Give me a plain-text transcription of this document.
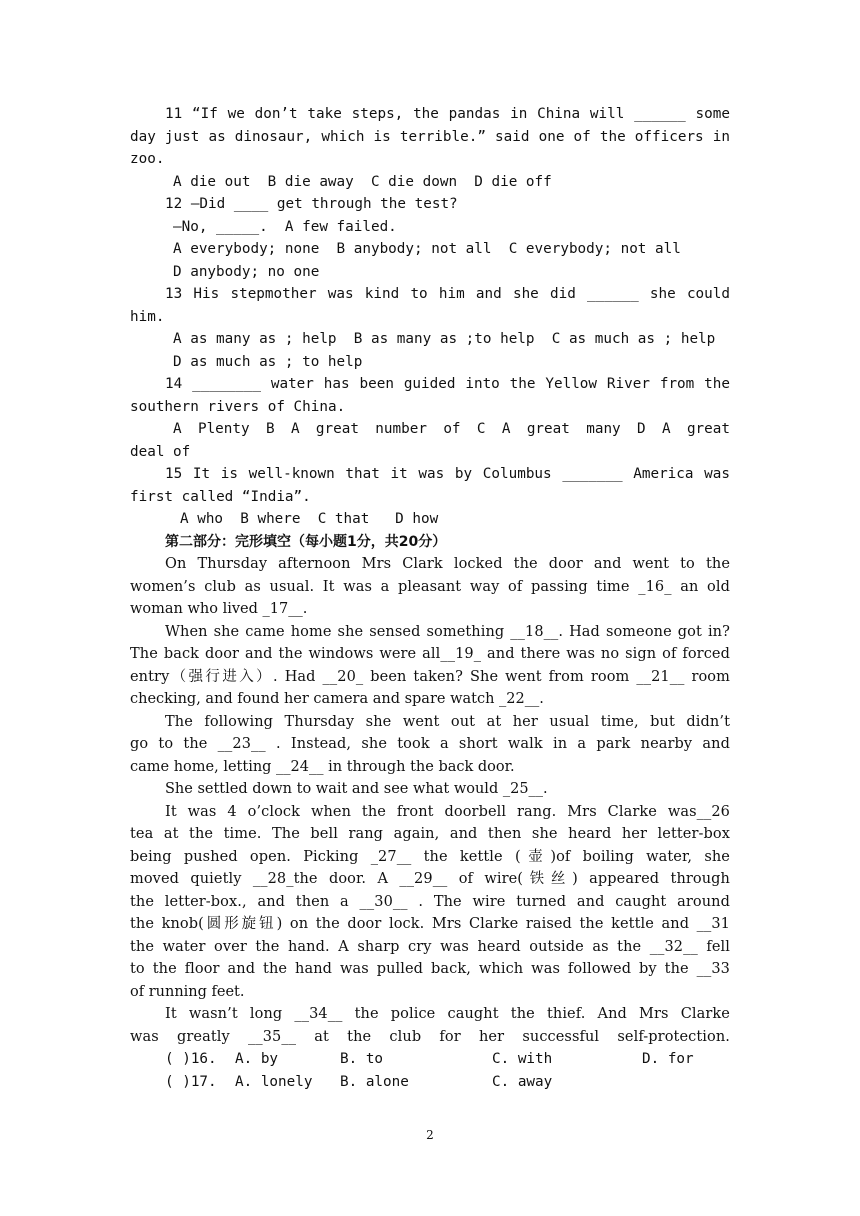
11 “If we don’t take steps, the pandas in China will ______ some
day just as dinosaur, which is terrible.” said one of the officers in
zoo.
A die out  B die away  C die down  D die off
12 —Did ____ get through the test?
—No, _____.  A few failed.
A everybody; none  B anybody; not all  C everybody; not all
D anybody; no one
13 His stepmother was kind to him and she did ______ she could
him.
A as many as ; help  B as many as ;to help  C as much as ; help
D as much as ; to help
14 ________ water has been guided into the Yellow River from the
southern rivers of China.
A Plenty B A great number of C A great many D A great
deal of
15 It is well-known that it was by Columbus _______ America was
first called “India”.
A who  B where  C that   D how
第二部分：完形填空（每小题1分，共20分）
On Thursday afternoon Mrs Clark locked the door and went to the
women’s club as usual. It was a pleasant way of passing time _16_ an old
woman who lived _17__.
When she came home she sensed something __18__. Had someone got in?
The back door and the windows were all__19_ and there was no sign of forced
entry（强行进入）. Had __20_ been taken? She went from room __21__ room
checking, and found her camera and spare watch _22__.
The following Thursday she went out at her usual time, but didn’t
go to the __23__ . Instead, she took a short walk in a park nearby and
came home, letting __24__ in through the back door.
She settled down to wait and see what would _25__.
It was 4 o’clock when the front doorbell rang. Mrs Clarke was__26
tea at the time. The bell rang again, and then she heard her letter-box
being pushed open. Picking _27__ the kettle (壶)of boiling water, she
moved quietly __28_the door. A __29__ of wire(铁丝) appeared through
the letter-box., and then a __30__ . The wire turned and caught around
the knob(圆形旋钮) on the door lock. Mrs Clarke raised the kettle and __31
the water over the hand. A sharp cry was heard outside as the __32__ fell
to the floor and the hand was pulled back, which was followed by the __33
of running feet.
It wasn’t long __34__ the police caught the thief. And Mrs Clarke
was greatly __35__ at the club for her successful self-protection.
( )16.	A. by	B. to	C. with	D. for
( )17.	A. lonely	B. alone	C. away
2
